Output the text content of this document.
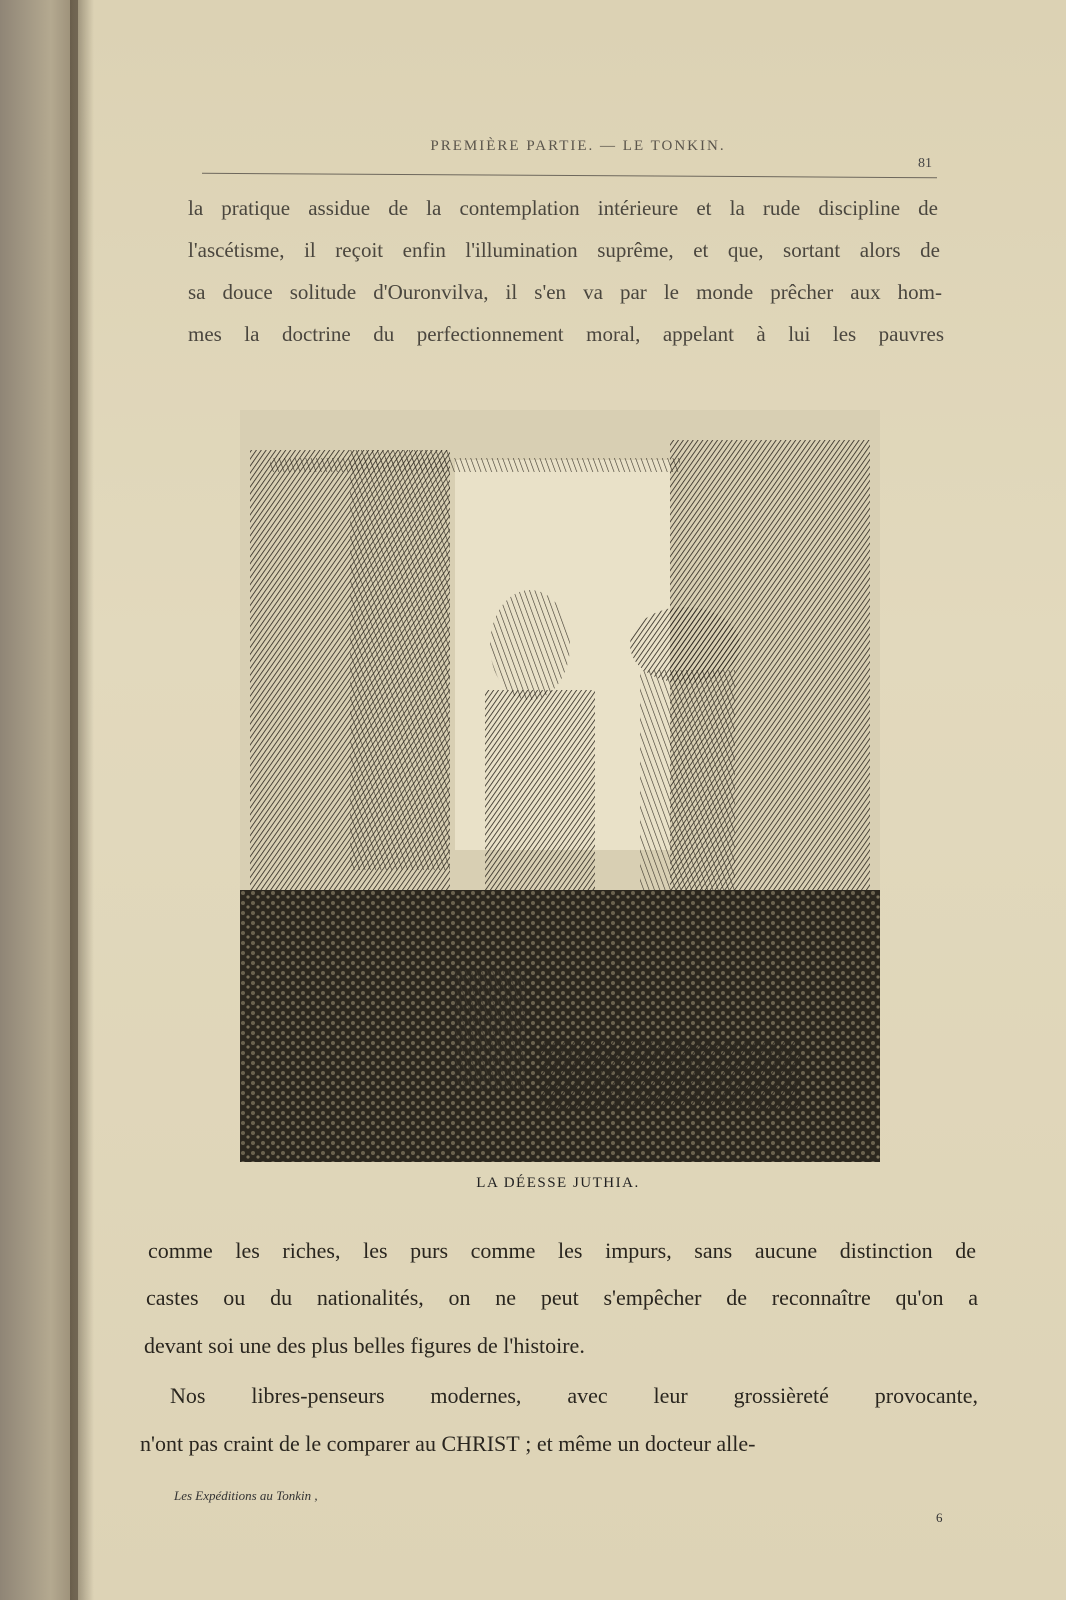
PREMIÈRE PARTIE. — LE TONKIN.
81
la pratique assidue de la contemplation intérieure et la rude discipline de
l'ascétisme, il reçoit enfin l'illumination suprême, et que, sortant alors de
sa douce solitude d'Ouronvilva, il s'en va par le monde prêcher aux hom-
mes la doctrine du perfectionnement moral, appelant à lui les pauvres
LA DÉESSE JUTHIA.
comme les riches, les purs comme les impurs, sans aucune distinction de
castes ou du nationalités, on ne peut s'empêcher de reconnaître qu'on a
devant soi une des plus belles figures de l'histoire.
Nos libres-penseurs modernes, avec leur grossièreté provocante,
n'ont pas craint de le comparer au CHRIST ; et même un docteur alle-
Les Expéditions au Tonkin ,
6
